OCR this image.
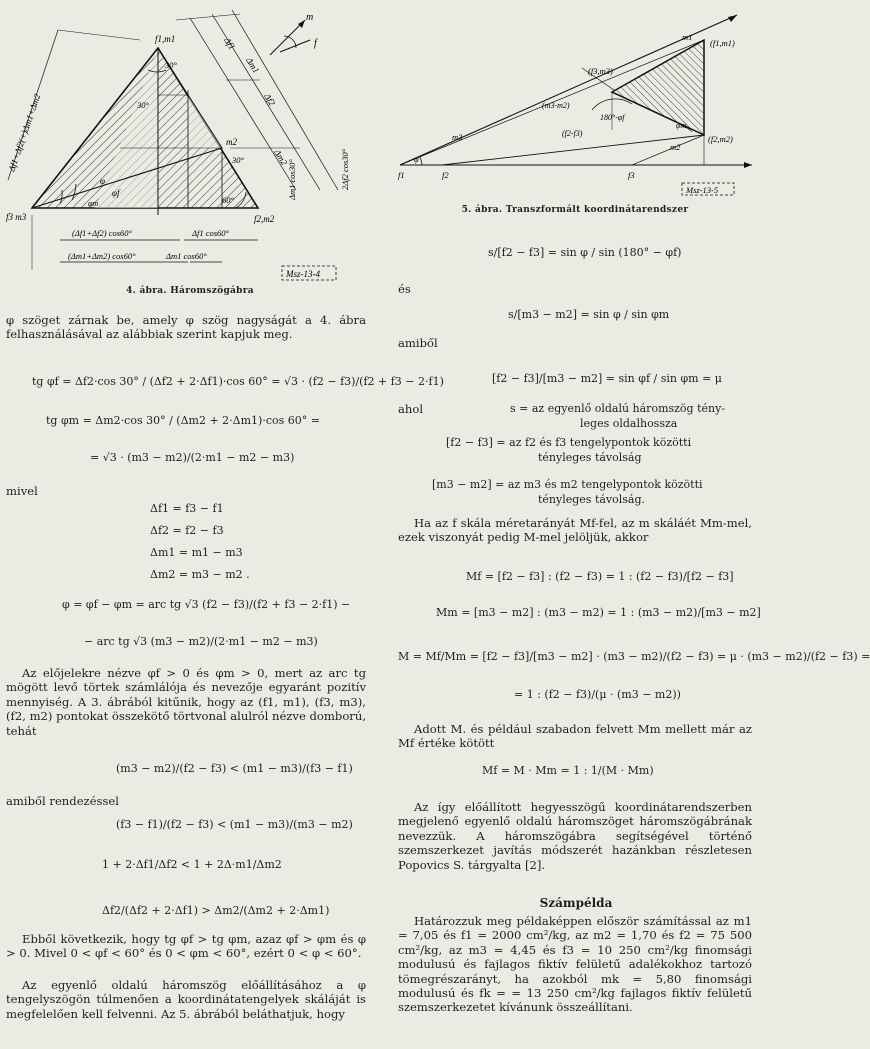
f1,m1
f3 m3	f2,m2
m2
Δf1
Δm1
Δf2
Δm2
Δf1+Δf2(+)Δm1+Δm2
Δm1 cos30°	2Δf2 cos30°
30°
30°
60°
30°
φ
φf
φm
(Δf1+Δf2) cos60°	Δf1 cos60°
(Δm1+Δm2) cos60°	Δm1 cos60°
m
f
Msz-13-4
4. ábra. Háromszögábra
m1
(f1,m1)
(f2,m2)
(f3,m3)
m2
(m3-m2)
(f2-f3)
180°-φf
m3
φ
f1	f2	f3
φm
Msz-13-5
5. ábra. Transzformált koordinátarendszer

φ szöget zárnak be, amely φ szög nagyságát a 4. ábra felhasználásával az alábbiak szerint kapjuk meg.

tg φf = Δf2·cos 30° / (Δf2 + 2·Δf1)·cos 60° = √3 · (f2 − f3)/(f2 + f3 − 2·f1)
tg φm = Δm2·cos 30° / (Δm2 + 2·Δm1)·cos 60° =
= √3 · (m3 − m2)/(2·m1 − m2 − m3)
mivel
Δf1 = f3 − f1
Δf2 = f2 − f3
Δm1 = m1 − m3
Δm2 = m3 − m2 .
φ = φf − φm = arc tg √3 (f2 − f3)/(f2 + f3 − 2·f1) −
− arc tg √3 (m3 − m2)/(2·m1 − m2 − m3)

Az előjelekre nézve φf > 0 és φm > 0, mert az arc tg mögött levő törtek számlálója és nevezője egyaránt pozitív mennyiség. A 3. ábrából kitűnik, hogy az (f1, m1), (f3, m3), (f2, m2) pontokat összekötő törtvonal alulról nézve domború, tehát

(m3 − m2)/(f2 − f3) < (m1 − m3)/(f3 − f1)
amiből rendezéssel
(f3 − f1)/(f2 − f3) < (m1 − m3)/(m3 − m2)
1 + 2·Δf1/Δf2 < 1 + 2Δ·m1/Δm2
Δf2/(Δf2 + 2·Δf1) > Δm2/(Δm2 + 2·Δm1)

Ebből következik, hogy tg φf > tg φm, azaz φf > φm és φ > 0. Mivel 0 < φf < 60° és 0 < φm < 60°, ezért 0 < φ < 60°.

Az egyenlő oldalú háromszög előállításához a φ tengelyszögön túlmenően a koordinátatengelyek skáláját is megfelelően kell felvenni. Az 5. ábrából beláthatjuk, hogy

s/[f2 − f3] = sin φ / sin (180° − φf)
és
s/[m3 − m2] = sin φ / sin φm
amiből
[f2 − f3]/[m3 − m2] = sin φf / sin φm = μ
ahol	s = az egyenlő oldalú háromszög tény-
leges oldalhossza
[f2 − f3] = az f2 és f3 tengelypontok közötti
tényleges távolság
[m3 − m2] = az m3 és m2 tengelypontok közötti
tényleges távolság.

Ha az f skála méretarányát Mf-fel, az m skáláét Mm-mel, ezek viszonyát pedig M-mel jelöljük, akkor

Mf = [f2 − f3] : (f2 − f3) = 1 : (f2 − f3)/[f2 − f3]
Mm = [m3 − m2] : (m3 − m2) = 1 : (m3 − m2)/[m3 − m2]
M = Mf/Mm = [f2 − f3]/[m3 − m2] · (m3 − m2)/(f2 − f3) = μ · (m3 − m2)/(f2 − f3) =
= 1 : (f2 − f3)/(μ · (m3 − m2))

Adott M. és például szabadon felvett Mm mellett már az Mf értéke kötött

Mf = M · Mm = 1 : 1/(M · Mm)

Az így előállított hegyesszögű koordinátarendszerben megjelenő egyenlő oldalú háromszöget háromszögábrának nevezzük. A háromszögábra segítségével történő szemszerkezet javítás módszerét hazánkban részletesen Popovics S. tárgyalta [2].

Számpélda

Határozzuk meg példaképpen először számítással az m1 = 7,05 és f1 = 2000 cm²/kg, az m2 = 1,70 és f2 = 75 500 cm²/kg, az m3 = 4,45 és f3 = 10 250 cm²/kg finomsági modulusú és fajlagos fiktív felületű adalékokhoz tartozó tömegrészarányt, ha azokból mk = 5,80 finomsági modulusú és fk = = 13 250 cm²/kg fajlagos fiktív felületű szemszerkezetet kívánunk összeállítani.
